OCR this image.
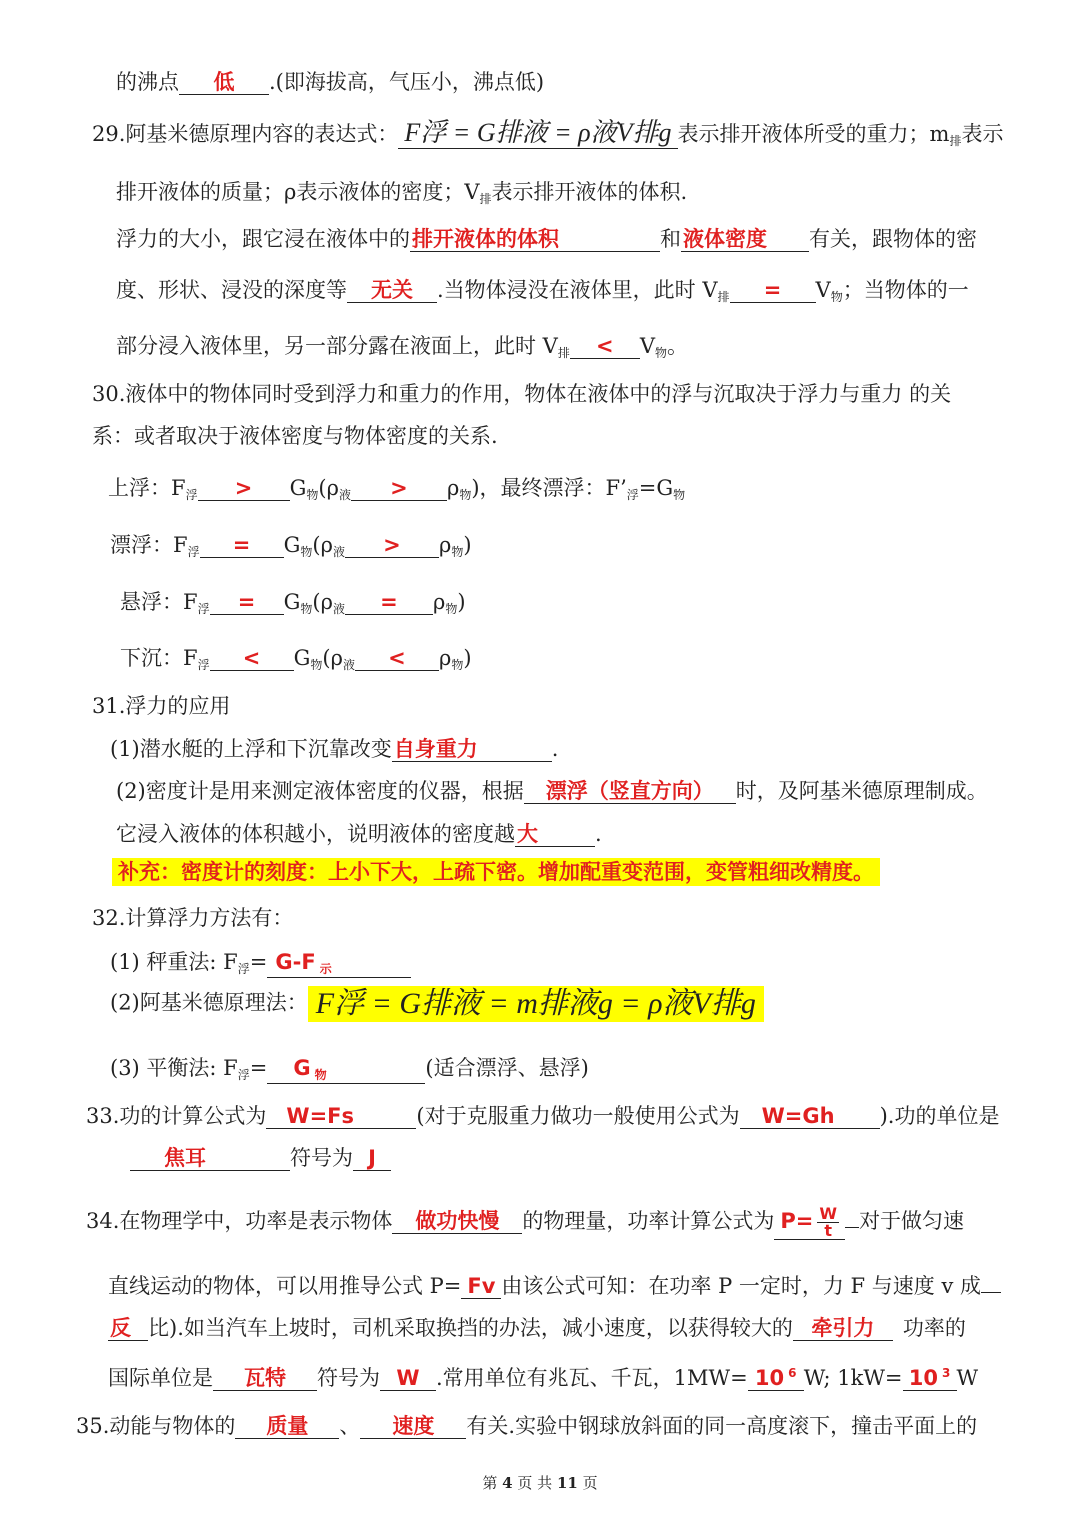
的沸点 低 .(即海拔高，气压小，沸点低)
29.阿基米德原理内容的表达式： F浮 = G排液 = ρ液V排g 表示排开液体所受的重力；$m_排$表示
排开液体的质量；ρ表示液体的密度；$V_排$表示排开液体的体积.
浮力的大小，跟它浸在液体中的排开液体的体积	和液体密度 有关，跟物体的密
度、形状、浸没的深度等 无关 .当物体浸没在液体里，此时 $V_排 = V_物$；当物体的一
部分浸入液体里，另一部分露在液面上，此时 $V_排 < V_物$。
30.液体中的物体同时受到浮力和重力的作用，物体在液体中的浮与沉取决于浮力与重力 的关
系：或者取决于液体密度与物体密度的关系.
上浮：$F_浮 > G_物(\rho_液 > \rho_物)$，最终漂浮：$F’_浮=G_物$
漂浮：$F_浮 = G_物(\rho_液 > \rho_物)$
悬浮：$F_浮 = G_物(\rho_液 = \rho_物)$
下沉：$F_浮 < G_物(\rho_液 < \rho_物)$
31.浮力的应用
(1)潜水艇的上浮和下沉靠改变自身重力	.
(2)密度计是用来测定液体密度的仪器，根据 漂浮（竖直方向） 时，及阿基米德原理制成。
它浸入液体的体积越小，说明液体的密度越大	.
补充：密度计的刻度：上小下大，上疏下密。增加配重变范围，变管粗细改精度。
32.计算浮力方法有：
(1) 秤重法: $F_浮= G-F$ $_示$
(2)阿基米德原理法： F浮 = G排液 = m排液g = ρ液V排g
(3) 平衡法: $F_浮= G$ $_物$	(适合漂浮、悬浮)
33.功的计算公式为 W=Fs	(对于克服重力做功一般使用公式为 W=Gh ).功的单位是
焦耳	符号为 J
34.在物理学中，功率是表示物体 做功快慢 的物理量，功率计算公式为 $P= \frac{W}{t}$ 对于做匀速
直线运动的物体，可以用推导公式 P= Fv 由该公式可知：在功率 P 一定时，力 F 与速度 v 成
反 比).如当汽车上坡时，司机采取换挡的办法，减小速度，以获得较大的 牵引力 功率的
国际单位是 瓦特 符号为 W .常用单位有兆瓦、千瓦，1MW= 10 $^6$ W; 1kW= 10 $^3$ W
35.动能与物体的 质量 、 速度 有关.实验中钢球放斜面的同一高度滚下，撞击平面上的
第 4 页 共 11 页
